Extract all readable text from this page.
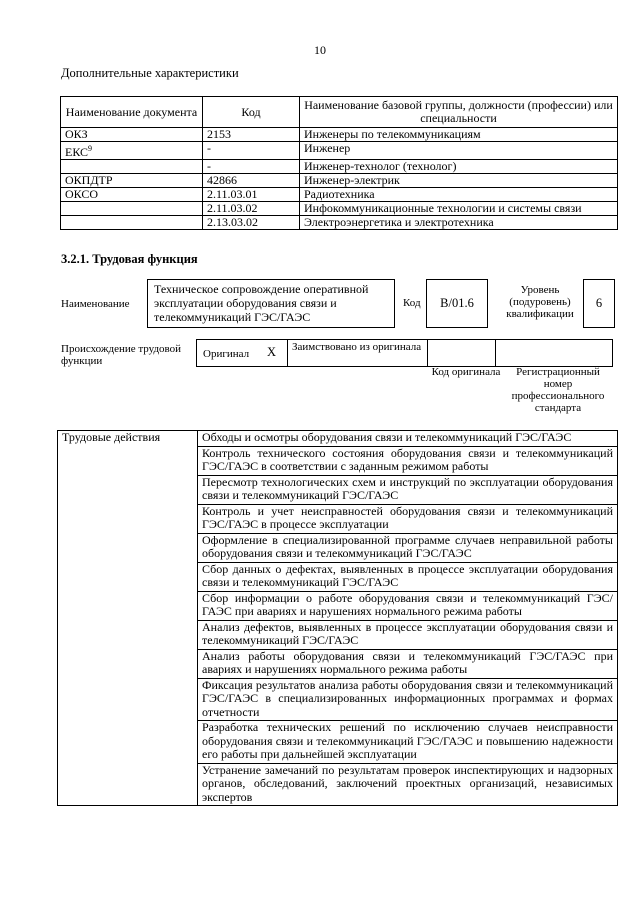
10
Дополнительные характеристики
Наименование документа	Код	Наименование базовой группы, должности (профессии) или специальности
ОКЗ	2153	Инженеры по телекоммуникациям
ЕКС$^9$	-	Инженер
	-	Инженер-технолог (технолог)
ОКПДТР	42866	Инженер-электрик
ОКСО	2.11.03.01	Радиотехника
	2.11.03.02	Инфокоммуникационные технологии и системы связи
	2.13.03.02	Электроэнергетика и электротехника
3.2.1. Трудовая функция
Наименование
Техническое сопровождение оперативной эксплуатации оборудования связи и телекоммуникаций ГЭС/ГАЭС
Код	B/01.6
Уровень (подуровень) квалификации
6
Происхождение трудовой функции
Оригинал X	Заимствовано из оригинала
Код оригинала	Регистрационный номер профессионального стандарта
Трудовые действия	Обходы и осмотры оборудования связи и телекоммуникаций ГЭС/ГАЭС
Контроль технического состояния оборудования связи и телекоммуникаций ГЭС/ГАЭС в соответствии с заданным режимом работы
Пересмотр технологических схем и инструкций по эксплуатации оборудования связи и телекоммуникаций ГЭС/ГАЭС
Контроль и учет неисправностей оборудования связи и телекоммуникаций ГЭС/ГАЭС в процессе эксплуатации
Оформление в специализированной программе случаев неправильной работы оборудования связи и телекоммуникаций ГЭС/ГАЭС
Сбор данных о дефектах, выявленных в процессе эксплуатации оборудования связи и телекоммуникаций ГЭС/ГАЭС
Сбор информации о работе оборудования связи и телекоммуникаций ГЭС/ГАЭС при авариях и нарушениях нормального режима работы
Анализ дефектов, выявленных в процессе эксплуатации оборудования связи и телекоммуникаций ГЭС/ГАЭС
Анализ работы оборудования связи и телекоммуникаций ГЭС/ГАЭС при авариях и нарушениях нормального режима работы
Фиксация результатов анализа работы оборудования связи и телекоммуникаций ГЭС/ГАЭС в специализированных информационных программах и формах отчетности
Разработка технических решений по исключению случаев неисправности оборудования связи и телекоммуникаций ГЭС/ГАЭС и повышению надежности его работы при дальнейшей эксплуатации
Устранение замечаний по результатам проверок инспектирующих и надзорных органов, обследований, заключений проектных организаций, независимых экспертов
